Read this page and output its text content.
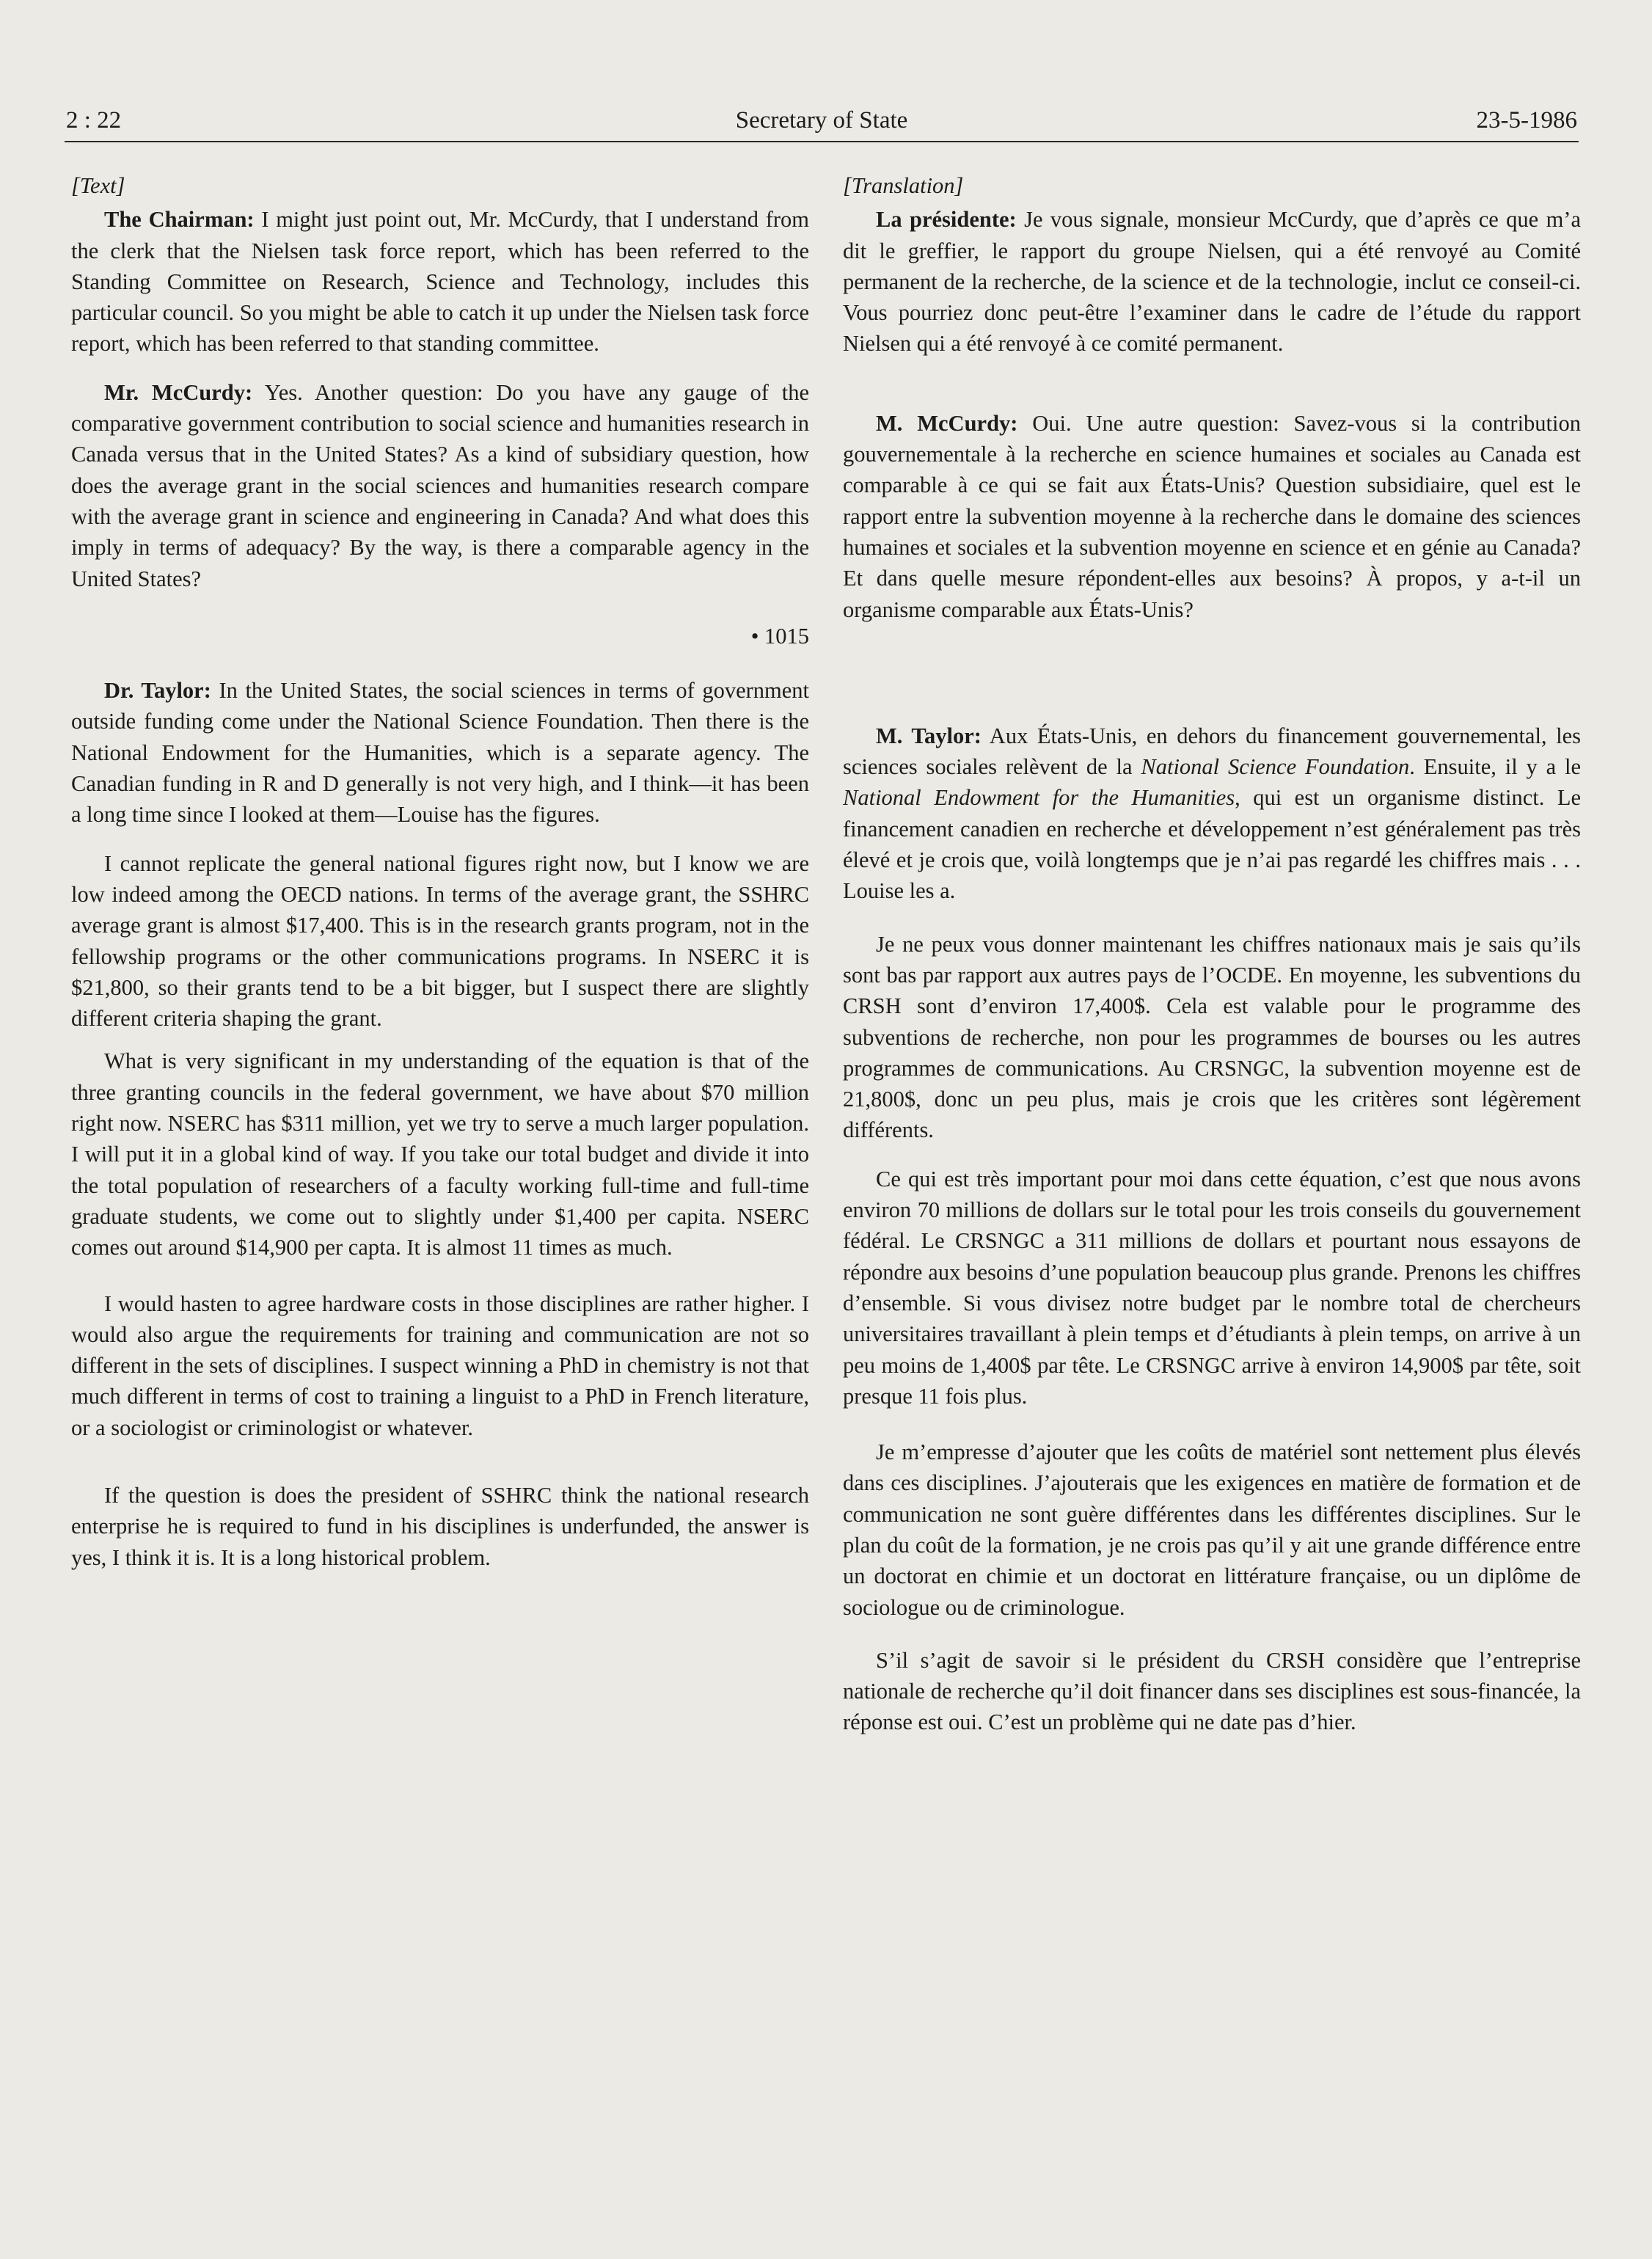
Secretary of State
2 : 22	23-5-1986

[Text]

The Chairman: I might just point out, Mr. McCurdy, that I understand from the clerk that the Nielsen task force report, which has been referred to the Standing Committee on Research, Science and Technology, includes this particular council. So you might be able to catch it up under the Nielsen task force report, which has been referred to that standing committee.

Mr. McCurdy: Yes. Another question: Do you have any gauge of the comparative government contribution to social science and humanities research in Canada versus that in the United States? As a kind of subsidiary question, how does the average grant in the social sciences and humanities research compare with the average grant in science and engineering in Canada? And what does this imply in terms of adequacy? By the way, is there a comparable agency in the United States?

• 1015

Dr. Taylor: In the United States, the social sciences in terms of government outside funding come under the National Science Foundation. Then there is the National Endowment for the Humanities, which is a separate agency. The Canadian funding in R and D generally is not very high, and I think—it has been a long time since I looked at them—Louise has the figures.

I cannot replicate the general national figures right now, but I know we are low indeed among the OECD nations. In terms of the average grant, the SSHRC average grant is almost $17,400. This is in the research grants program, not in the fellowship programs or the other communications programs. In NSERC it is $21,800, so their grants tend to be a bit bigger, but I suspect there are slightly different criteria shaping the grant.

What is very significant in my understanding of the equation is that of the three granting councils in the federal government, we have about $70 million right now. NSERC has $311 million, yet we try to serve a much larger population. I will put it in a global kind of way. If you take our total budget and divide it into the total population of researchers of a faculty working full-time and full-time graduate students, we come out to slightly under $1,400 per capita. NSERC comes out around $14,900 per capta. It is almost 11 times as much.

I would hasten to agree hardware costs in those disciplines are rather higher. I would also argue the requirements for training and communication are not so different in the sets of disciplines. I suspect winning a PhD in chemistry is not that much different in terms of cost to training a linguist to a PhD in French literature, or a sociologist or criminologist or whatever.

If the question is does the president of SSHRC think the national research enterprise he is required to fund in his disciplines is underfunded, the answer is yes, I think it is. It is a long historical problem.

[Translation]

La présidente: Je vous signale, monsieur McCurdy, que d’après ce que m’a dit le greffier, le rapport du groupe Nielsen, qui a été renvoyé au Comité permanent de la recherche, de la science et de la technologie, inclut ce conseil-ci. Vous pourriez donc peut-être l’examiner dans le cadre de l’étude du rapport Nielsen qui a été renvoyé à ce comité permanent.

M. McCurdy: Oui. Une autre question: Savez-vous si la contribution gouvernementale à la recherche en science humaines et sociales au Canada est comparable à ce qui se fait aux États-Unis? Question subsidiaire, quel est le rapport entre la subvention moyenne à la recherche dans le domaine des sciences humaines et sociales et la subvention moyenne en science et en génie au Canada? Et dans quelle mesure répondent-elles aux besoins? À propos, y a-t-il un organisme comparable aux États-Unis?

M. Taylor: Aux États-Unis, en dehors du financement gouvernemental, les sciences sociales relèvent de la National Science Foundation. Ensuite, il y a le National Endowment for the Humanities, qui est un organisme distinct. Le financement canadien en recherche et développement n’est généralement pas très élevé et je crois que, voilà longtemps que je n’ai pas regardé les chiffres mais . . . Louise les a.

Je ne peux vous donner maintenant les chiffres nationaux mais je sais qu’ils sont bas par rapport aux autres pays de l’OCDE. En moyenne, les subventions du CRSH sont d’environ 17,400$. Cela est valable pour le programme des subventions de recherche, non pour les programmes de bourses ou les autres programmes de communications. Au CRSNGC, la subvention moyenne est de 21,800$, donc un peu plus, mais je crois que les critères sont légèrement différents.

Ce qui est très important pour moi dans cette équation, c’est que nous avons environ 70 millions de dollars sur le total pour les trois conseils du gouvernement fédéral. Le CRSNGC a 311 millions de dollars et pourtant nous essayons de répondre aux besoins d’une population beaucoup plus grande. Prenons les chiffres d’ensemble. Si vous divisez notre budget par le nombre total de chercheurs universitaires travaillant à plein temps et d’étudiants à plein temps, on arrive à un peu moins de 1,400$ par tête. Le CRSNGC arrive à environ 14,900$ par tête, soit presque 11 fois plus.

Je m’empresse d’ajouter que les coûts de matériel sont nettement plus élevés dans ces disciplines. J’ajouterais que les exigences en matière de formation et de communication ne sont guère différentes dans les différentes disciplines. Sur le plan du coût de la formation, je ne crois pas qu’il y ait une grande différence entre un doctorat en chimie et un doctorat en littérature française, ou un diplôme de sociologue ou de criminologue.

S’il s’agit de savoir si le président du CRSH considère que l’entreprise nationale de recherche qu’il doit financer dans ses disciplines est sous-financée, la réponse est oui. C’est un problème qui ne date pas d’hier.
